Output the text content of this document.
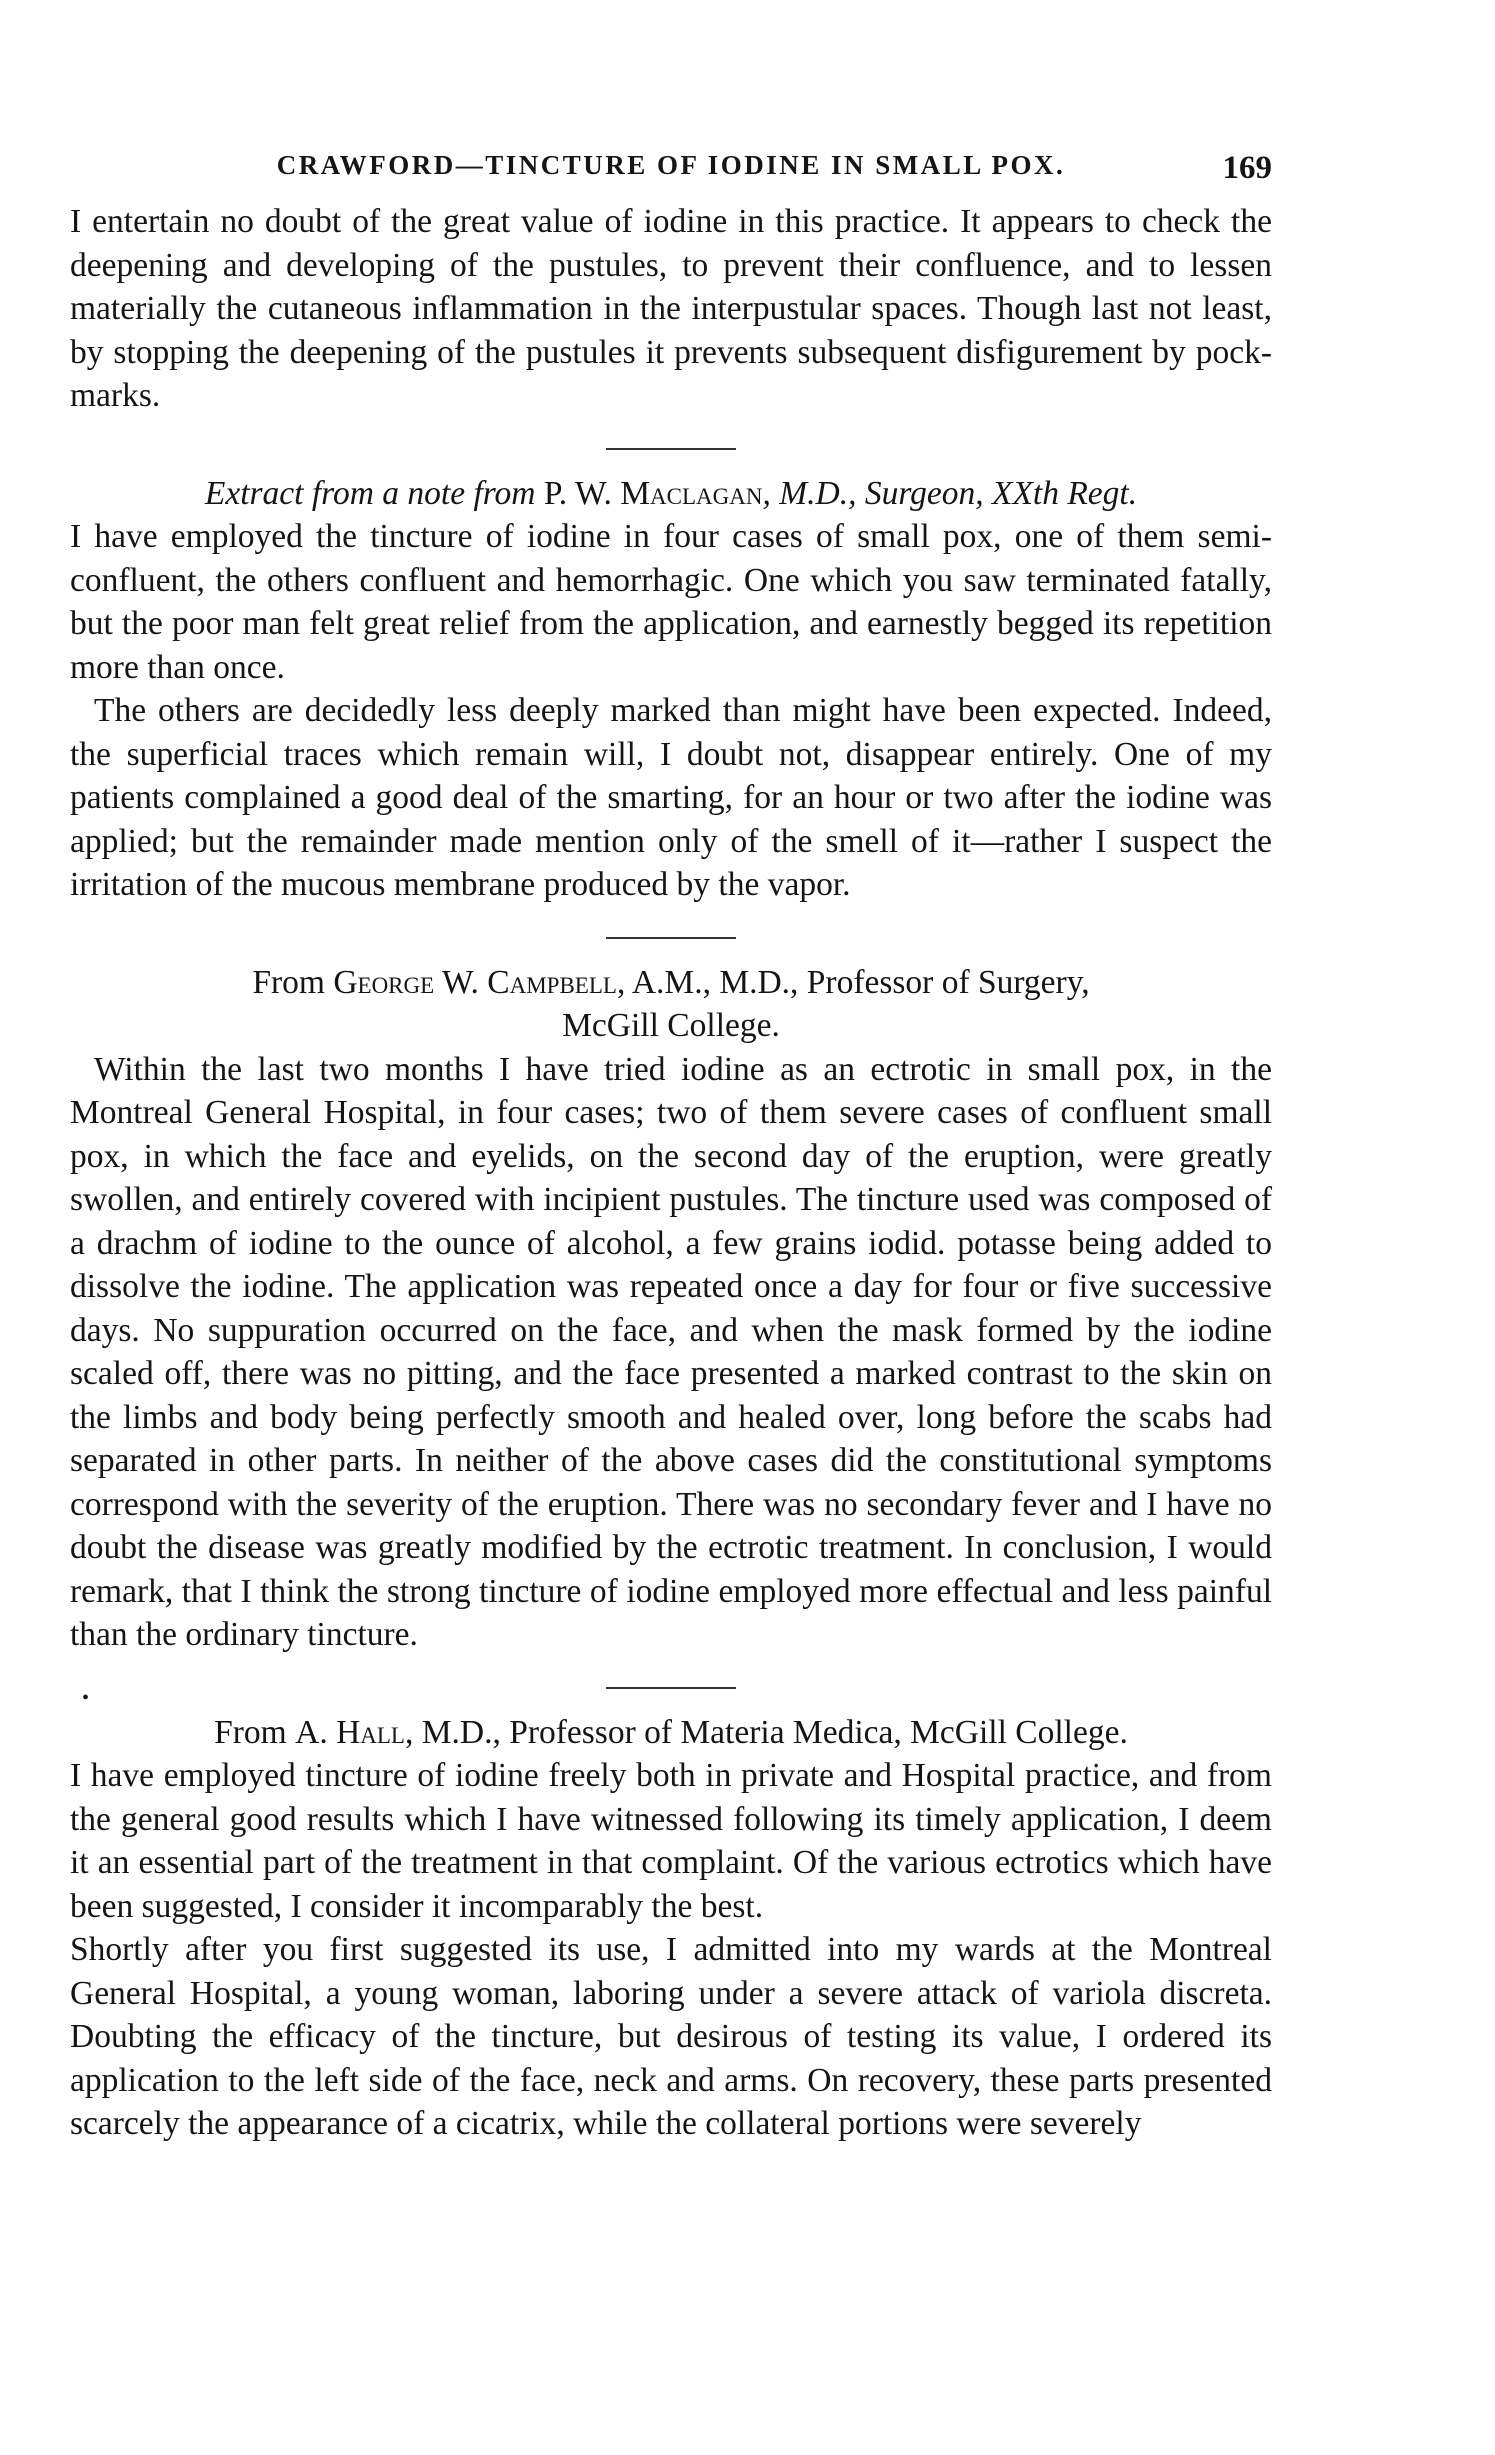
CRAWFORD—TINCTURE OF IODINE IN SMALL POX.	169

I entertain no doubt of the great value of iodine in this practice. It appears to check the deepening and developing of the pustules, to prevent their confluence, and to lessen materially the cutaneous inflammation in the interpustular spaces. Though last not least, by stopping the deepening of the pustules it prevents subsequent disfigurement by pock-marks.

Extract from a note from P. W. Maclagan, M.D., Surgeon, XXth Regt.

I have employed the tincture of iodine in four cases of small pox, one of them semi-confluent, the others confluent and hemorrhagic. One which you saw terminated fatally, but the poor man felt great relief from the application, and earnestly begged its repetition more than once.

The others are decidedly less deeply marked than might have been expected. Indeed, the superficial traces which remain will, I doubt not, disappear entirely. One of my patients complained a good deal of the smarting, for an hour or two after the iodine was applied; but the remainder made mention only of the smell of it—rather I suspect the irritation of the mucous membrane produced by the vapor.

From George W. Campbell, A.M., M.D., Professor of Surgery,
McGill College.

Within the last two months I have tried iodine as an ectrotic in small pox, in the Montreal General Hospital, in four cases; two of them severe cases of confluent small pox, in which the face and eyelids, on the second day of the eruption, were greatly swollen, and entirely covered with incipient pustules. The tincture used was composed of a drachm of iodine to the ounce of alcohol, a few grains iodid. potasse being added to dissolve the iodine. The application was repeated once a day for four or five successive days. No suppuration occurred on the face, and when the mask formed by the iodine scaled off, there was no pitting, and the face presented a marked contrast to the skin on the limbs and body being perfectly smooth and healed over, long before the scabs had separated in other parts. In neither of the above cases did the constitutional symptoms correspond with the severity of the eruption. There was no secondary fever and I have no doubt the disease was greatly modified by the ectrotic treatment. In conclusion, I would remark, that I think the strong tincture of iodine employed more effectual and less painful than the ordinary tincture.

•
From A. Hall, M.D., Professor of Materia Medica, McGill College.

I have employed tincture of iodine freely both in private and Hospital practice, and from the general good results which I have witnessed following its timely application, I deem it an essential part of the treatment in that complaint. Of the various ectrotics which have been suggested, I consider it incomparably the best.

Shortly after you first suggested its use, I admitted into my wards at the Montreal General Hospital, a young woman, laboring under a severe attack of variola discreta. Doubting the efficacy of the tincture, but desirous of testing its value, I ordered its application to the left side of the face, neck and arms. On recovery, these parts presented scarcely the appearance of a cicatrix, while the collateral portions were severely
